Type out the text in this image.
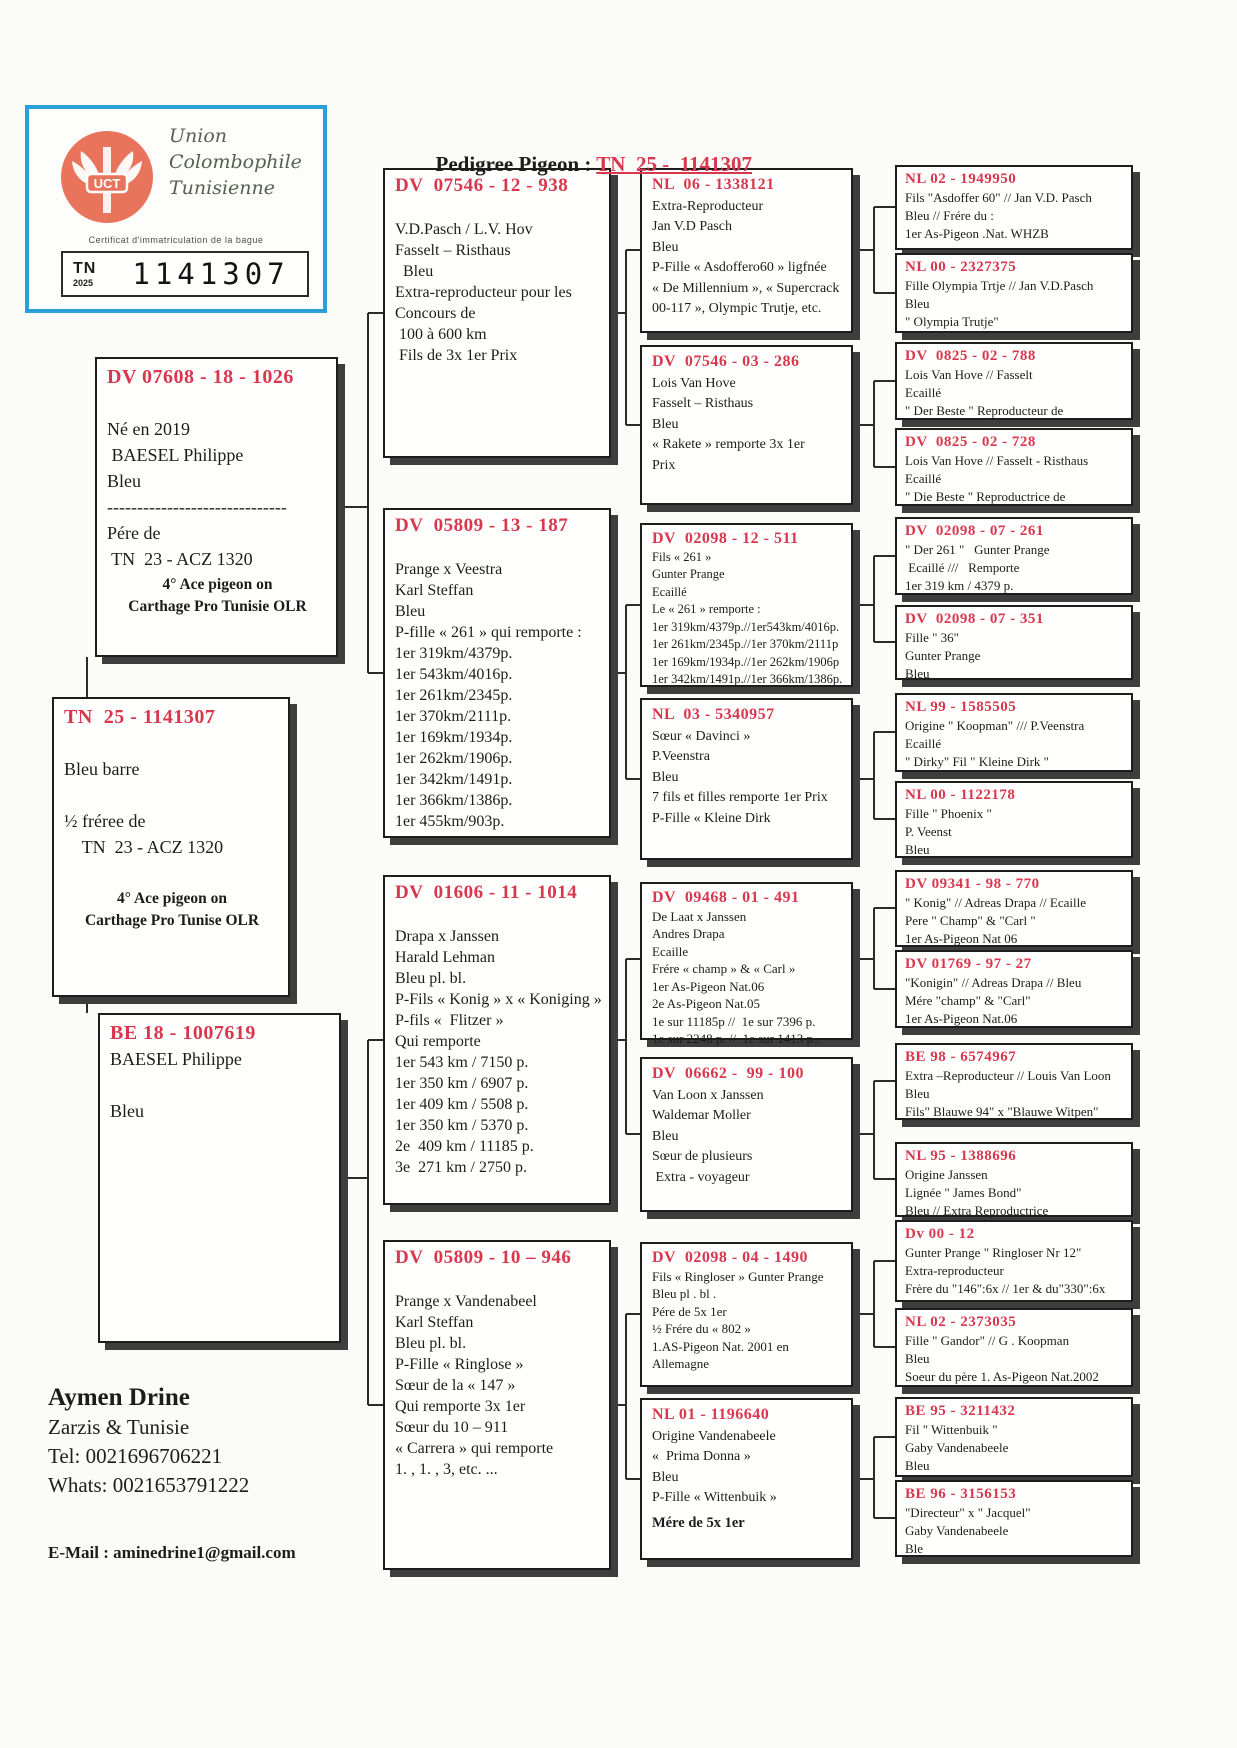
UCT
Union
Colombophile
Tunisienne
Certificat d'immatriculation de la bague
TN
2025	1141307

Pedigree Pigeon : TN  25 -  1141307

DV 07608 - 18 - 1026

Né en 2019
BAESEL Philippe
Bleu
------------------------------
Pére de
TN  23 - ACZ 1320
4° Ace pigeon on
Carthage Pro Tunisie OLR
TN  25 - 1141307

Bleu barre

½ fréree de
TN  23 - ACZ 1320

4° Ace pigeon on
Carthage Pro Tunise OLR
BE 18 - 1007619
BAESEL Philippe

Bleu
DV  07546 - 12 - 938

V.D.Pasch / L.V. Hov
Fasselt – Risthaus
Bleu
Extra-reproducteur pour les
Concours de
100 à 600 km
Fils de 3x 1er Prix
DV  05809 - 13 - 187

Prange x Veestra
Karl Steffan
Bleu
P-fille « 261 » qui remporte :
1er 319km/4379p.
1er 543km/4016p.
1er 261km/2345p.
1er 370km/2111p.
1er 169km/1934p.
1er 262km/1906p.
1er 342km/1491p.
1er 366km/1386p.
1er 455km/903p.
DV  01606 - 11 - 1014

Drapa x Janssen
Harald Lehman
Bleu pl. bl.
P-Fils « Konig » x « Koniging »
P-fils «  Flitzer »
Qui remporte
1er 543 km / 7150 p.
1er 350 km / 6907 p.
1er 409 km / 5508 p.
1er 350 km / 5370 p.
2e  409 km / 11185 p.
3e  271 km / 2750 p.
DV  05809 - 10 – 946

Prange x Vandenabeel
Karl Steffan
Bleu pl. bl.
P-Fille « Ringlose »
Sœur de la « 147 »
Qui remporte 3x 1er
Sœur du 10 – 911
« Carrera » qui remporte
1. , 1. , 3, etc. ...
NL  06 - 1338121
Extra-Reproducteur
Jan V.D Pasch
Bleu
P-Fille « Asdoffero60 » ligfnée
« De Millennium », « Supercrack
00-117 », Olympic Trutje, etc.
DV  07546 - 03 - 286
Lois Van Hove
Fasselt – Risthaus
Bleu
« Rakete » remporte 3x 1er
Prix
DV  02098 - 12 - 511
Fils « 261 »
Gunter Prange
Ecaillé
Le « 261 » remporte :
1er 319km/4379p.//1er543km/4016p.
1er 261km/2345p.//1er 370km/2111p
1er 169km/1934p.//1er 262km/1906p
1er 342km/1491p.//1er 366km/1386p.
NL  03 - 5340957
Sœur « Davinci »
P.Veenstra
Bleu
7 fils et filles remporte 1er Prix
P-Fille « Kleine Dirk
DV  09468 - 01 - 491
De Laat x Janssen
Andres Drapa
Ecaille
Frére « champ » & « Carl »
1er As-Pigeon Nat.06
2e As-Pigeon Nat.05
1e sur 11185p //  1e sur 7396 p.
1e sur 2248 p. //  1e sur 1413 p..
DV  06662 -  99 - 100
Van Loon x Janssen
Waldemar Moller
Bleu
Sœur de plusieurs
Extra - voyageur
DV  02098 - 04 - 1490
Fils « Ringloser » Gunter Prange
Bleu pl . bl .
Pére de 5x 1er
½ Frére du « 802 »
1.AS-Pigeon Nat. 2001 en
Allemagne
NL 01 - 1196640
Origine Vandenabeele
«  Prima Donna »
Bleu
P-Fille « Wittenbuik »
Mére de 5x 1er
NL 02 - 1949950
Fils "Asdoffer 60" // Jan V.D. Pasch
Bleu // Frére du :
1er As-Pigeon .Nat. WHZB
NL 00 - 2327375
Fille Olympia Trtje // Jan V.D.Pasch
Bleu
" Olympia Trutje"
DV  0825 - 02 - 788
Lois Van Hove // Fasselt
Ecaillé
" Der Beste " Reproducteur de
DV  0825 - 02 - 728
Lois Van Hove // Fasselt - Risthaus
Ecaillé
" Die Beste " Reproductrice de
DV  02098 - 07 - 261
" Der 261 "   Gunter Prange
Ecaillé ///   Remporte
1er 319 km / 4379 p.
DV  02098 - 07 - 351
Fille " 36"
Gunter Prange
Bleu
NL 99 - 1585505
Origine " Koopman" /// P.Veenstra
Ecaillé
" Dirky" Fil " Kleine Dirk "
NL 00 - 1122178
Fille " Phoenix "
P. Veenst
Bleu
DV 09341 - 98 - 770
" Konig" // Adreas Drapa // Ecaille
Pere " Champ" & "Carl "
1er As-Pigeon Nat 06
DV 01769 - 97 - 27
"Konigin" // Adreas Drapa // Bleu
Mére "champ" & "Carl"
1er As-Pigeon Nat.06
BE 98 - 6574967
Extra –Reproducteur // Louis Van Loon
Bleu
Fils" Blauwe 94" x "Blauwe Witpen"
NL 95 - 1388696
Origine Janssen
Lignée " James Bond"
Bleu // Extra Reproductrice
Dv 00 - 12
Gunter Prange " Ringloser Nr 12"
Extra-reproducteur
Frère du "146":6x // 1er & du"330":6x
NL 02 - 2373035
Fille " Gandor" // G . Koopman
Bleu
Soeur du père 1. As-Pigeon Nat.2002
BE 95 - 3211432
Fil " Wittenbuik "
Gaby Vandenabeele
Bleu
BE 96 - 3156153
"Directeur" x " Jacquel"
Gaby Vandenabeele
Ble
Aymen Drine
Zarzis & Tunisie
Tel: 0021696706221
Whats: 0021653791222
E-Mail : aminedrine1@gmail.com
